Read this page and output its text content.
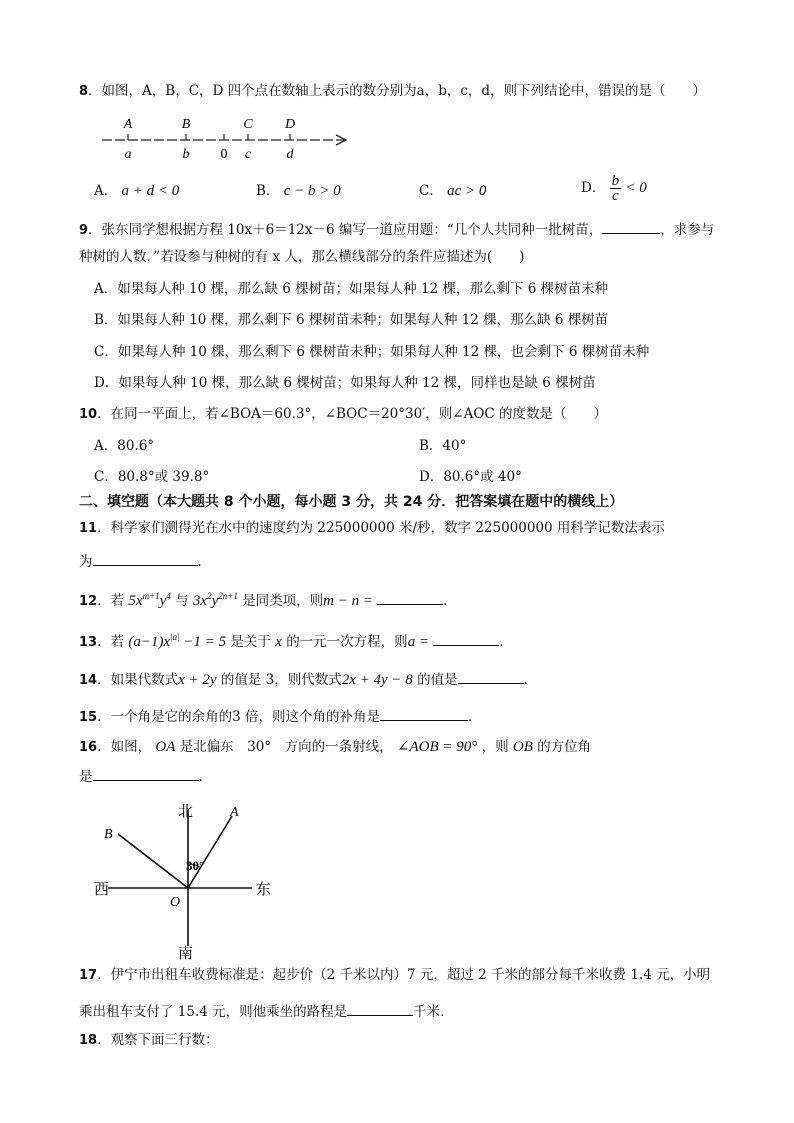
8．如图，A，B，C，D 四个点在数轴上表示的数分别为a，b，c，d，则下列结论中，错误的是（　　）
A
a
B
b
C
c
D
d
0
A． a + d < 0	B． c − b > 0	C． ac > 0	D． $\frac{b}{c} < 0$
9．张东同学想根据方程 10x＋6＝12x－6 编写一道应用题：“几个人共同种一批树苗，	，求参与
种树的人数．”若设参与种树的有 x 人，那么横线部分的条件应描述为(　　)
A．如果每人种 10 棵，那么缺 6 棵树苗；如果每人种 12 棵，那么剩下 6 棵树苗未种
B．如果每人种 10 棵，那么剩下 6 棵树苗未种；如果每人种 12 棵，那么缺 6 棵树苗
C．如果每人种 10 棵，那么剩下 6 棵树苗未种；如果每人种 12 棵，也会剩下 6 棵树苗未种
D．如果每人种 10 棵，那么缺 6 棵树苗；如果每人种 12 棵，同样也是缺 6 棵树苗
10．在同一平面上，若∠BOA＝60.3°，∠BOC＝20°30′，则∠AOC 的度数是（　　）
A．80.6°	B．40°
C．80.8°或 39.8°	D．80.6°或 40°
二、填空题（本大题共 8 个小题，每小题 3 分，共 24 分．把答案填在题中的横线上）
11．科学家们测得光在水中的速度约为 225000000 米/秒，数字 225000000 用科学记数法表示
为	．
12．若 $5x^{m+1}y^4$ 与 $3x^2y^{2n+1}$ 是同类项，则m − n =	．
13．若 $(a-1)x^{|a|} -1 = 5$ 是关于 x 的一元一次方程，则a =	．
14．如果代数式x + 2y 的值是 3，则代数式2x + 4y − 8 的值是	．
15．一个角是它的余角的3 倍，则这个角的补角是	．
16．如图， OA 是北偏东　30°　方向的一条射线， ∠AOB = 90° ，则 OB 的方位角
是	.
北	A
B
30°
西	东
O
南
17．伊宁市出租车收费标准是：起步价（2 千米以内）7 元，超过 2 千米的部分每千米收费 1.4 元，小明
乘出租车支付了 15.4 元，则他乘坐的路程是	千米．
18．观察下面三行数：
